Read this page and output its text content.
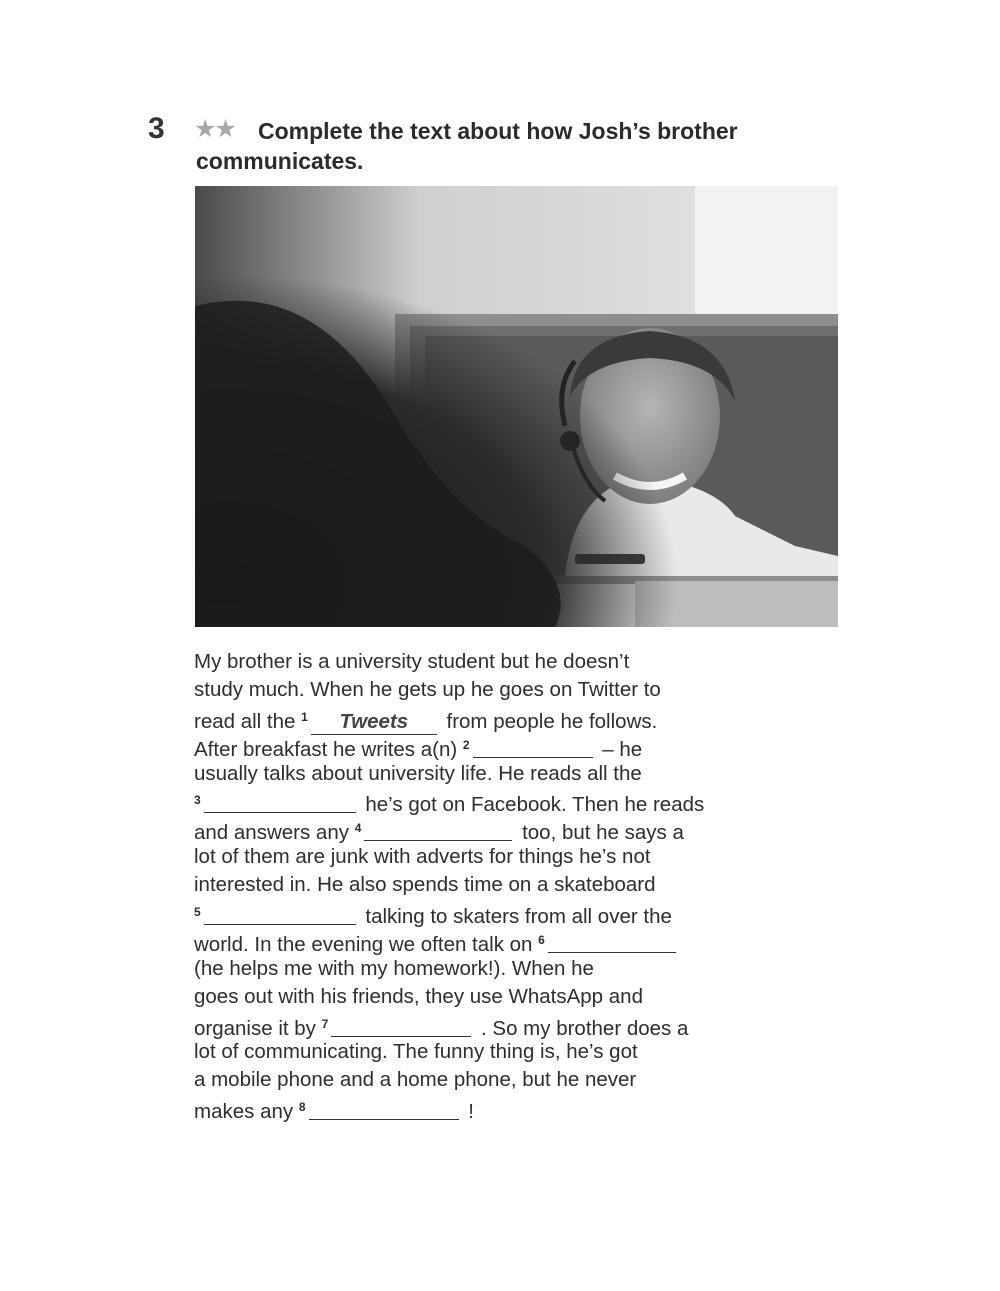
3 ★★	Complete the text about how Josh’s brother communicates.
My brother is a university student but he doesn’t
study much. When he gets up he goes on Twitter to
read all the $^1$ Tweets from people he follows.
After breakfast he writes a(n) $^2$	– he
usually talks about university life. He reads all the
$^3$	he’s got on Facebook. Then he reads
and answers any $^4$	too, but he says a
lot of them are junk with adverts for things he’s not
interested in. He also spends time on a skateboard
$^5$	talking to skaters from all over the
world. In the evening we often talk on $^6$
(he helps me with my homework!). When he
goes out with his friends, they use WhatsApp and
organise it by $^7$	. So my brother does a
lot of communicating. The funny thing is, he’s got
a mobile phone and a home phone, but he never
makes any $^8$	!
